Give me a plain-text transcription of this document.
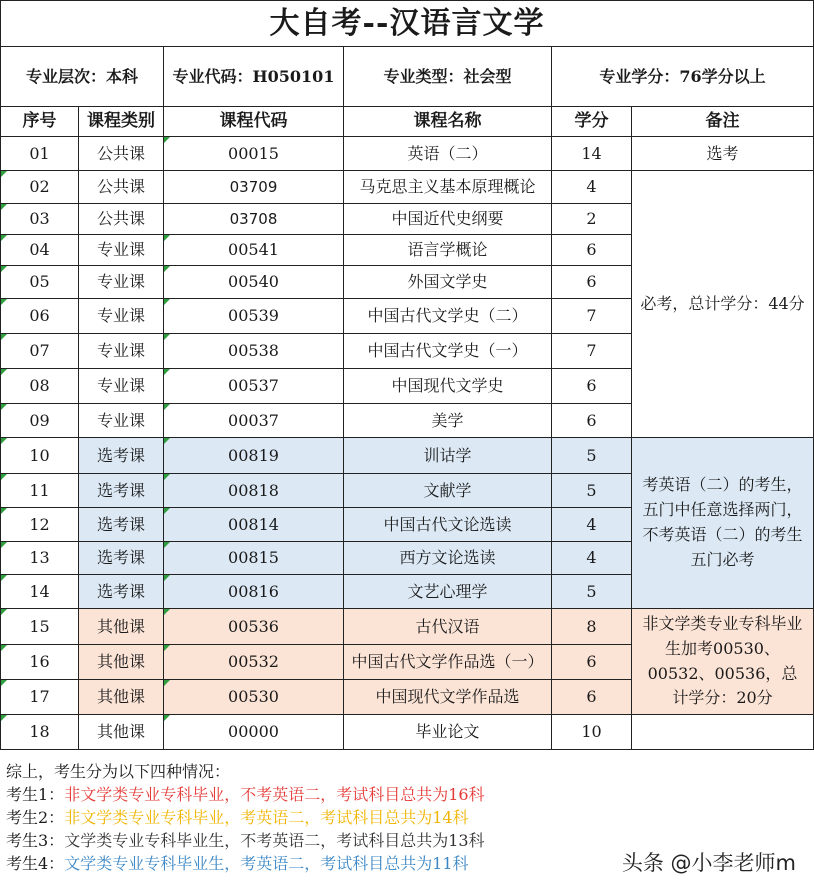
大自考--汉语言文学					
专业层次：本科		专业代码：H050101	专业类型：社会型	专业学分：76学分以上	
序号	课程类别	课程代码	课程名称	学分	备注
01	公共课	00015	英语（二）	14	选考
02	公共课	03709	马克思主义基本原理概论	4	必考，总计学分：44分
03	公共课	03708	中国近代史纲要	2	
04	专业课	00541	语言学概论	6	
05	专业课	00540	外国文学史	6	
06	专业课	00539	中国古代文学史（二）	7	
07	专业课	00538	中国古代文学史（一）	7	
08	专业课	00537	中国现代文学史	6	
09	专业课	00037	美学	6	
10	选考课	00819	训诂学	5	考英语（二）的考生，五门中任意选择两门，不考英语（二）的考生五门必考
11	选考课	00818	文献学	5	
12	选考课	00814	中国古代文论选读	4	
13	选考课	00815	西方文论选读	4	
14	选考课	00816	文艺心理学	5	
15	其他课	00536	古代汉语	8	非文学类专业专科毕业生加考00530、00532、00536，总计学分：20分
16	其他课	00532	中国古代文学作品选（一）	6	
17	其他课	00530	中国现代文学作品选	6	
18	其他课	00000	毕业论文	10	
综上，考生分为以下四种情况：
考生1：非文学类专业专科毕业，不考英语二，考试科目总共为16科
考生2：非文学类专业专科毕业，考英语二，考试科目总共为14科
考生3：文学类专业专科毕业生，不考英语二，考试科目总共为13科
考生4：文学类专业专科毕业生，考英语二，考试科目总共为11科	头条 @小李老师m
